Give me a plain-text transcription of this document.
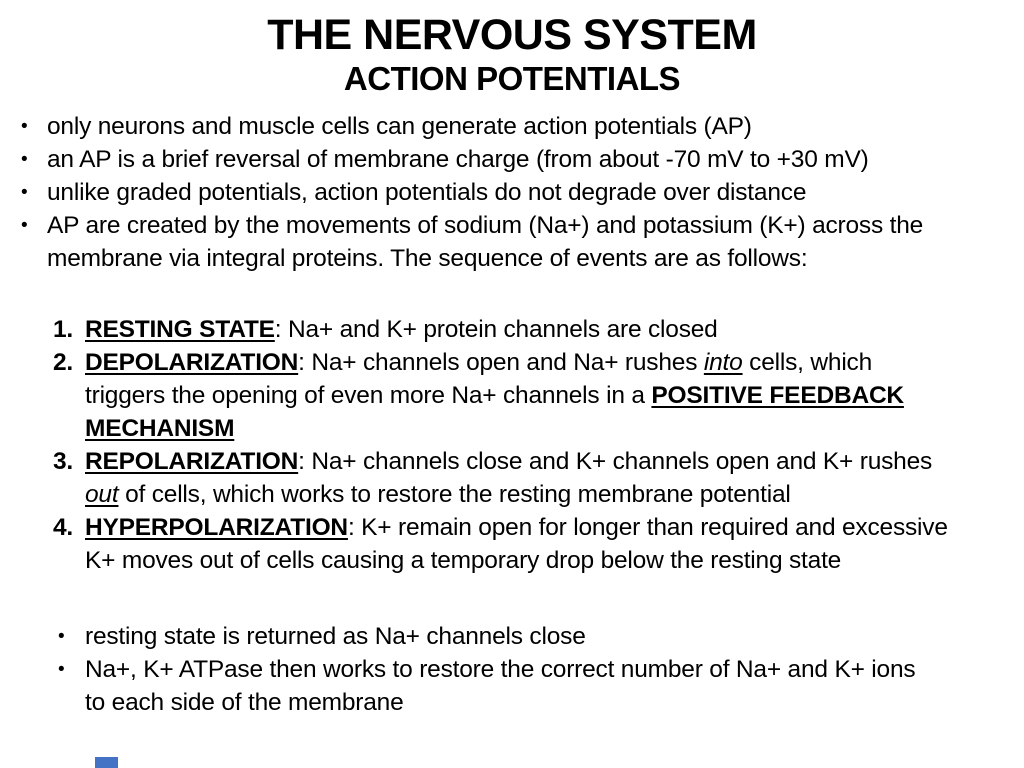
THE NERVOUS SYSTEM
ACTION POTENTIALS
• only neurons and muscle cells can generate action potentials (AP)
• an AP is a brief reversal of membrane charge (from about -70 mV to +30 mV)
• unlike graded potentials, action potentials do not degrade over distance
• AP are created by the movements of sodium (Na+) and potassium (K+) across the
membrane via integral proteins. The sequence of events are as follows:
1. RESTING STATE: Na+ and K+ protein channels are closed
2. DEPOLARIZATION: Na+ channels open and Na+ rushes into cells, which
triggers the opening of even more Na+ channels in a POSITIVE FEEDBACK
MECHANISM
3. REPOLARIZATION: Na+ channels close and K+ channels open and K+ rushes
out of cells, which works to restore the resting membrane potential
4. HYPERPOLARIZATION: K+ remain open for longer than required and excessive
K+ moves out of cells causing a temporary drop below the resting state
• resting state is returned as Na+ channels close
• Na+, K+ ATPase then works to restore the correct number of Na+ and K+ ions
to each side of the membrane
